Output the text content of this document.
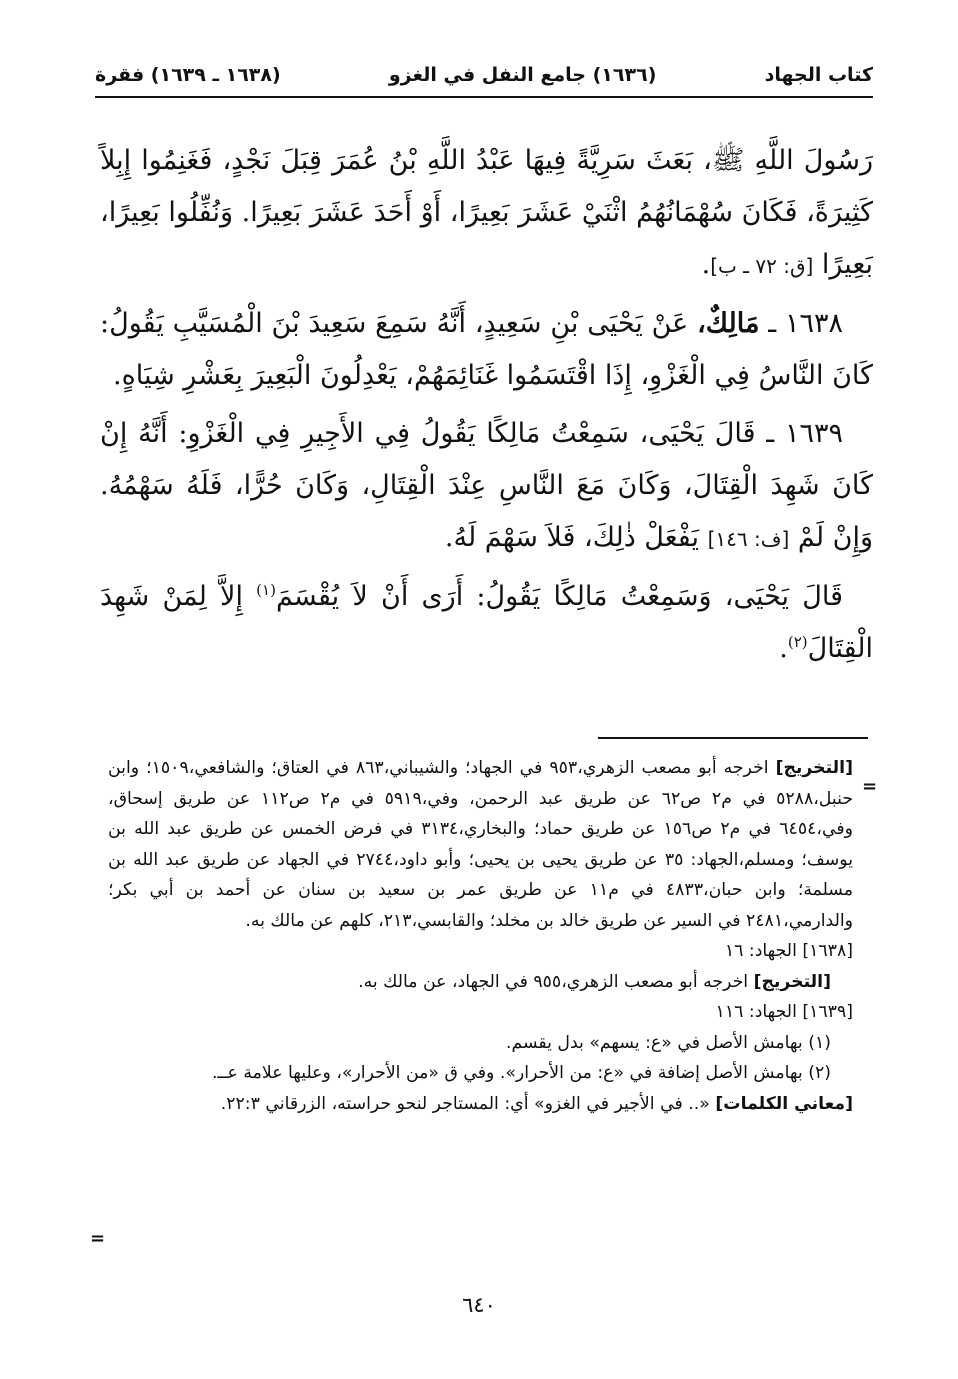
كتاب الجهاد
(١٦٣٦) جامع النفل في الغزو
(١٦٣٨ ـ ١٦٣٩) فقرة

رَسُولَ اللَّهِ ﷺ، بَعَثَ سَرِيَّةً فِيهَا عَبْدُ اللَّهِ بْنُ عُمَرَ قِبَلَ نَجْدٍ، فَغَنِمُوا إِبِلاً كَثِيرَةً، فَكَانَ سُهْمَانُهُمُ اثْنَيْ عَشَرَ بَعِيرًا، أَوْ أَحَدَ عَشَرَ بَعِيرًا. وَنُفِّلُوا بَعِيرًا، بَعِيرًا [ق: ٧٢ ـ ب].

١٦٣٨ ـ مَالِكٌ، عَنْ يَحْيَى بْنِ سَعِيدٍ، أَنَّهُ سَمِعَ سَعِيدَ بْنَ الْمُسَيَّبِ يَقُولُ: كَانَ النَّاسُ فِي الْغَزْوِ، إِذَا اقْتَسَمُوا غَنَائِمَهُمْ، يَعْدِلُونَ الْبَعِيرَ بِعَشْرِ شِيَاهٍ.

١٦٣٩ ـ قَالَ يَحْيَى، سَمِعْتُ مَالِكًا يَقُولُ فِي الأَجِيرِ فِي الْغَزْوِ: أَنَّهُ إِنْ كَانَ شَهِدَ الْقِتَالَ، وَكَانَ مَعَ النَّاسِ عِنْدَ الْقِتَالِ، وَكَانَ حُرًّا، فَلَهُ سَهْمُهُ. وَإِنْ لَمْ [ف: ١٤٦] يَفْعَلْ ذٰلِكَ، فَلاَ سَهْمَ لَهُ.

قَالَ يَحْيَى، وَسَمِعْتُ مَالِكًا يَقُولُ: أَرَى أَنْ لاَ يُقْسَمَ$^{(١)}$ إِلاَّ لِمَنْ شَهِدَ الْقِتَالَ$^{(٢)}$.

=

[التخريج] اخرجه أبو مصعب الزهري،٩٥٣ في الجهاد؛ والشيباني،٨٦٣ في العتاق؛ والشافعي،١٥٠٩؛ وابن حنبل،٥٢٨٨ في م٢ ص٦٢ عن طريق عبد الرحمن، وفي،٥٩١٩ في م٢ ص١١٢ عن طريق إسحاق، وفي،٦٤٥٤ في م٢ ص١٥٦ عن طريق حماد؛ والبخاري،٣١٣٤ في فرض الخمس عن طريق عبد الله بن يوسف؛ ومسلم،الجهاد: ٣٥ عن طريق يحيى بن يحيى؛ وأبو داود،٢٧٤٤ في الجهاد عن طريق عبد الله بن مسلمة؛ وابن حبان،٤٨٣٣ في م١١ عن طريق عمر بن سعيد بن سنان عن أحمد بن أبي بكر؛ والدارمي،٢٤٨١ في السير عن طريق خالد بن مخلد؛ والقابسي،٢١٣، كلهم عن مالك به.

[١٦٣٨] الجهاد: ١٦

[التخريج] اخرجه أبو مصعب الزهري،٩٥٥ في الجهاد، عن مالك به.

[١٦٣٩] الجهاد: ١١٦

(١) بهامش الأصل في «ع: يسهم» بدل يقسم.

(٢) بهامش الأصل إضافة في «ع: من الأحرار». وفي ق «من الأحرار»، وعليها علامة عــ.

[معاني الكلمات] «.. في الأجير في الغزو» أي: المستاجر لنحو حراسته، الزرقاني ٢٢:٣.

=
٦٤٠
